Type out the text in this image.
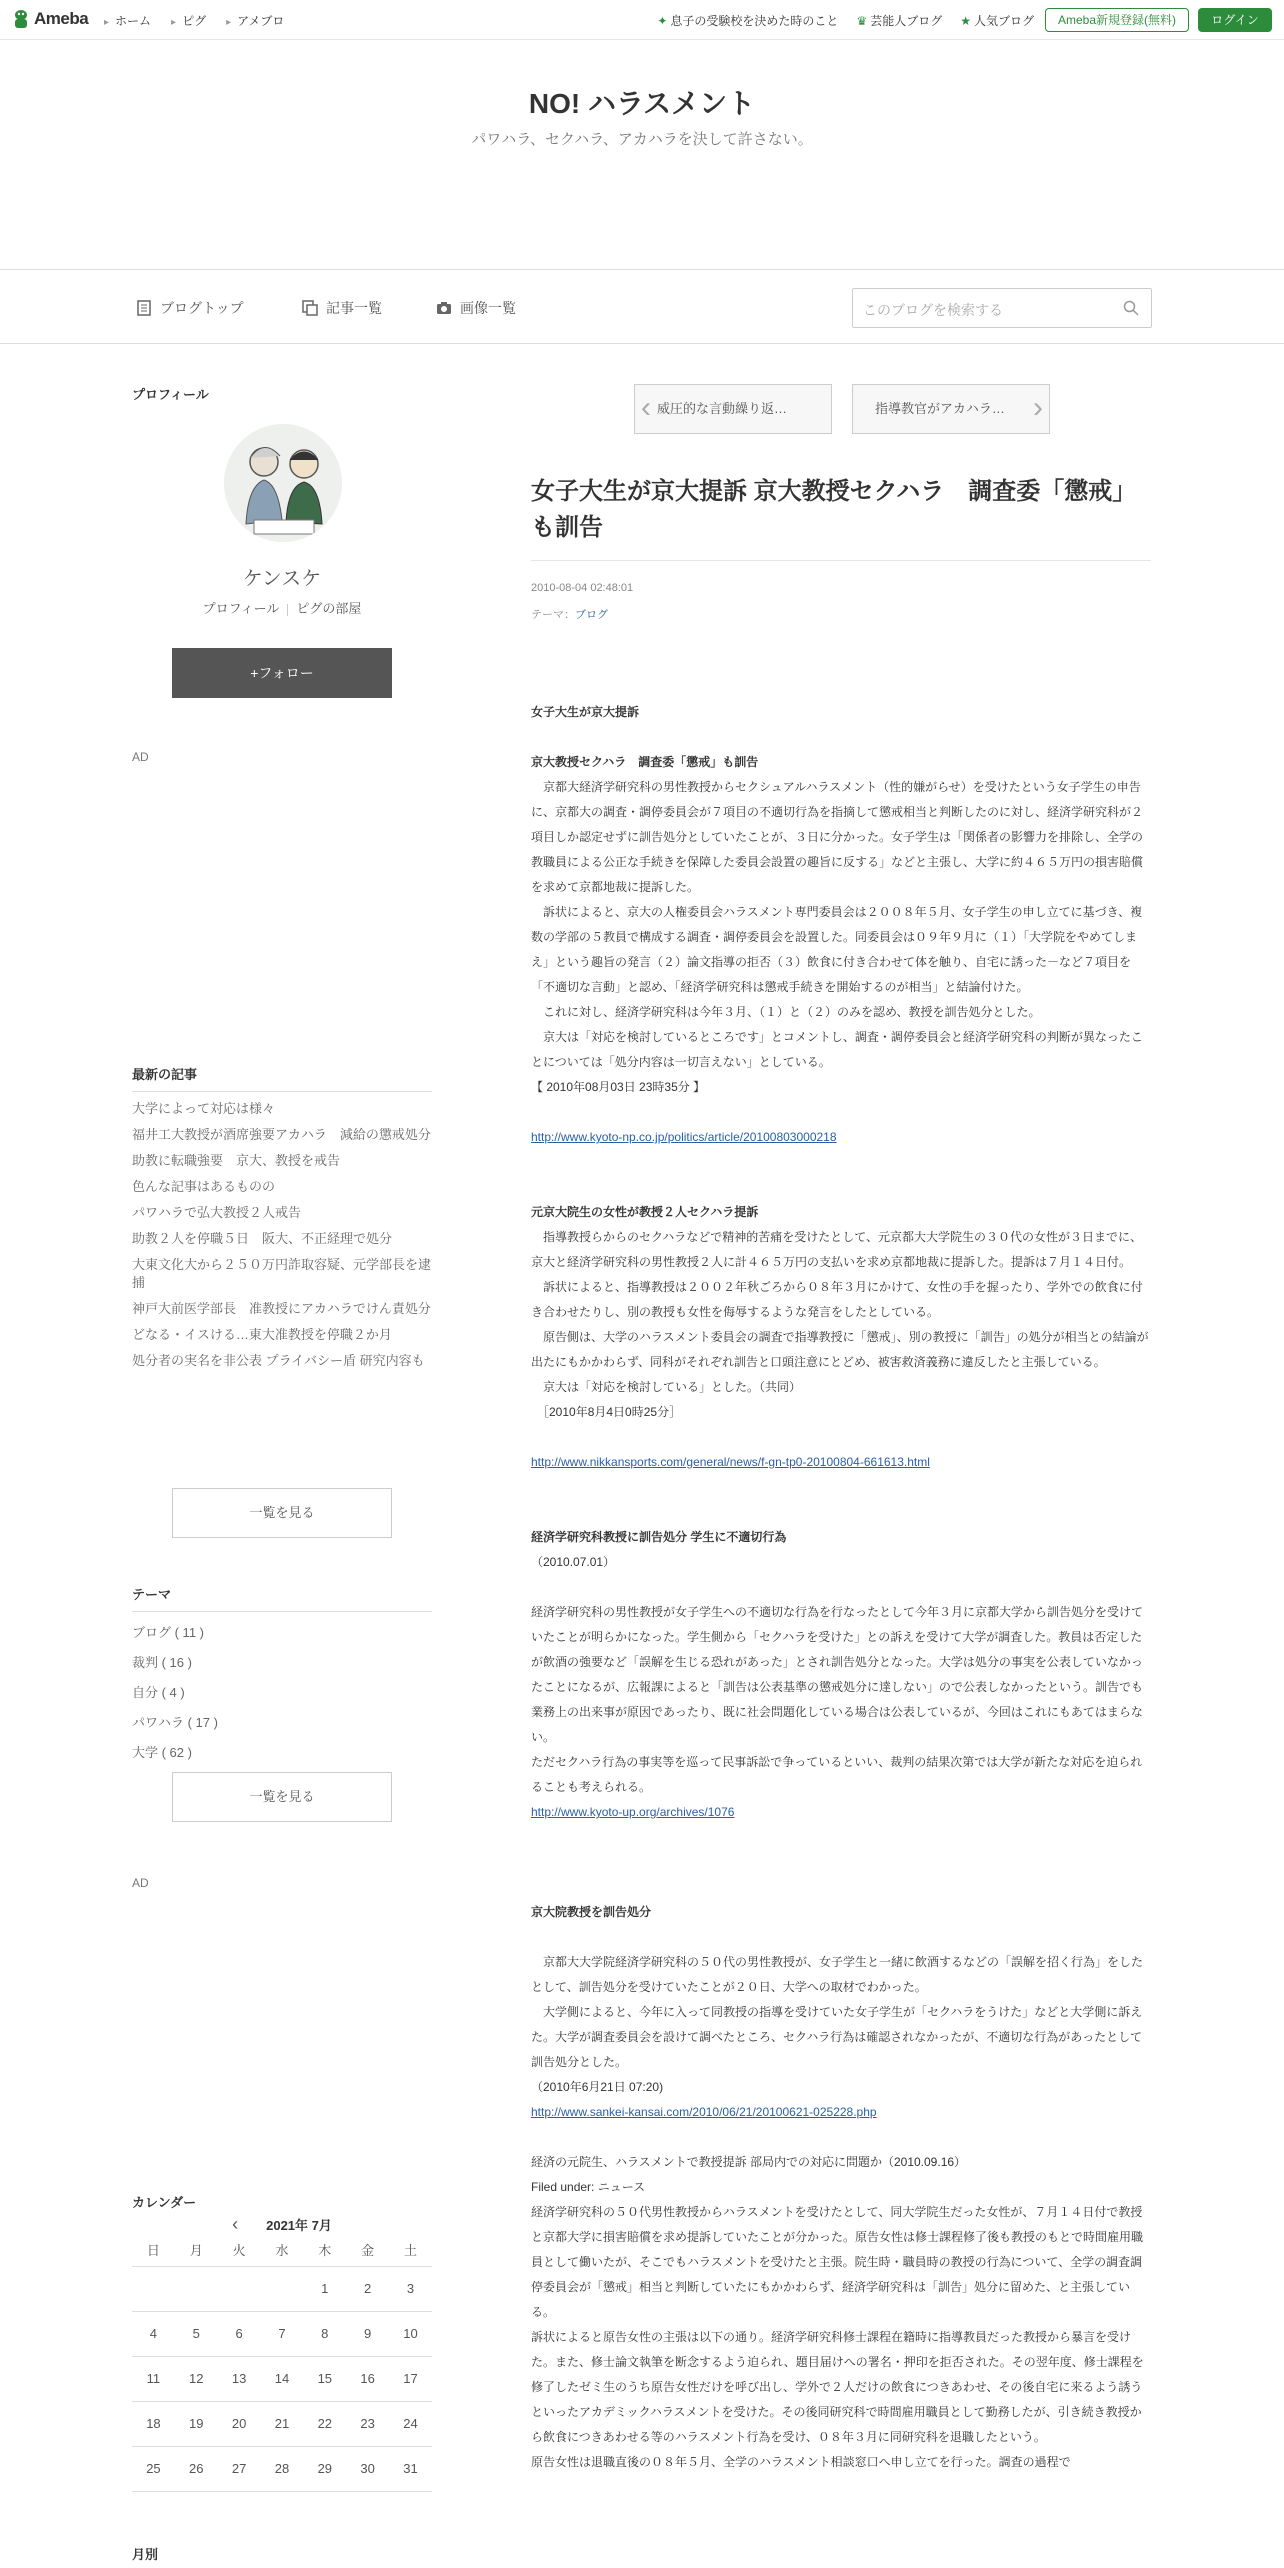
Ameba	▸ ホーム	▸ ピグ	▸ アメブロ	✦ 息子の受験校を決めた時のこと ♛ 芸能人ブログ ★ 人気ブログ	Ameba新規登録(無料)	ログイン
NO! ハラスメント
パワハラ、セクハラ、アカハラを決して許さない。
ブログトップ	記事一覧	画像一覧	このブログを検索する
プロフィール
ケンスケ
プロフィール ピグの部屋
+フォロー
AD
最新の記事
大学によって対応は様々
福井工大教授が酒席強要アカハラ　減給の懲戒処分
助教に転職強要　京大、教授を戒告
色んな記事はあるものの
パワハラで弘大教授２人戒告
助教２人を停職５日　阪大、不正経理で処分
大東文化大から２５０万円詐取容疑、元学部長を逮捕
神戸大前医学部長　准教授にアカハラでけん責処分
どなる・イスける…東大准教授を停職２か月
処分者の実名を非公表 プライバシー盾 研究内容も
一覧を見る
テーマ
ブログ ( 11 )
裁判 ( 16 )
自分 ( 4 )
パワハラ ( 17 )
大学 ( 62 )
一覧を見る
AD
カレンダー
‹ 2021年 7月
日	月	火	水	木	金	土
				1	2	3
4	5	6	7	8	9	10
11	12	13	14	15	16	17
18	19	20	21	22	23	24
25	26	27	28	29	30	31
月別
‹ 威圧的な言動繰り返…	指導教官がアカハラ… ›
女子大生が京大提訴 京大教授セクハラ　調査委「懲戒」も訓告
2010-08-04 02:48:01
テーマ：ブログ

女子大生が京大提訴

京大教授セクハラ　調査委「懲戒」も訓告

　京都大経済学研究科の男性教授からセクシュアルハラスメント（性的嫌がらせ）を受けたという女子学生の申告に、京都大の調査・調停委員会が７項目の不適切行為を指摘して懲戒相当と判断したのに対し、経済学研究科が２項目しか認定せずに訓告処分としていたことが、３日に分かった。女子学生は「関係者の影響力を排除し、全学の教職員による公正な手続きを保障した委員会設置の趣旨に反する」などと主張し、大学に約４６５万円の損害賠償を求めて京都地裁に提訴した。

　訴状によると、京大の人権委員会ハラスメント専門委員会は２００８年５月、女子学生の申し立てに基づき、複数の学部の５教員で構成する調査・調停委員会を設置した。同委員会は０９年９月に（１）「大学院をやめてしまえ」という趣旨の発言（２）論文指導の拒否（３）飲食に付き合わせて体を触り、自宅に誘った－など７項目を「不適切な言動」と認め、「経済学研究科は懲戒手続きを開始するのが相当」と結論付けた。

　これに対し、経済学研究科は今年３月、（１）と（２）のみを認め、教授を訓告処分とした。

　京大は「対応を検討しているところです」とコメントし、調査・調停委員会と経済学研究科の判断が異なったことについては「処分内容は一切言えない」としている。

【 2010年08月03日 23時35分 】

http://www.kyoto-np.co.jp/politics/article/20100803000218

元京大院生の女性が教授２人セクハラ提訴

　指導教授らからのセクハラなどで精神的苦痛を受けたとして、元京都大大学院生の３０代の女性が３日までに、京大と経済学研究科の男性教授２人に計４６５万円の支払いを求め京都地裁に提訴した。提訴は７月１４日付。

　訴状によると、指導教授は２００２年秋ごろから０８年３月にかけて、女性の手を握ったり、学外での飲食に付き合わせたりし、別の教授も女性を侮辱するような発言をしたとしている。

　原告側は、大学のハラスメント委員会の調査で指導教授に「懲戒」、別の教授に「訓告」の処分が相当との結論が出たにもかかわらず、同科がそれぞれ訓告と口頭注意にとどめ、被害救済義務に違反したと主張している。

　京大は「対応を検討している」とした。（共同）

　［2010年8月4日0時25分］

http://www.nikkansports.com/general/news/f-gn-tp0-20100804-661613.html

経済学研究科教授に訓告処分 学生に不適切行為

（2010.07.01）

経済学研究科の男性教授が女子学生への不適切な行為を行なったとして今年３月に京都大学から訓告処分を受けていたことが明らかになった。学生側から「セクハラを受けた」との訴えを受けて大学が調査した。教員は否定したが飲酒の強要など「誤解を生じる恐れがあった」とされ訓告処分となった。大学は処分の事実を公表していなかったことになるが、広報課によると「訓告は公表基準の懲戒処分に達しない」ので公表しなかったという。訓告でも業務上の出来事が原因であったり、既に社会問題化している場合は公表しているが、今回はこれにもあてはまらない。

ただセクハラ行為の事実等を巡って民事訴訟で争っているといい、裁判の結果次第では大学が新たな対応を迫られることも考えられる。

http://www.kyoto-up.org/archives/1076

京大院教授を訓告処分

　京都大大学院経済学研究科の５０代の男性教授が、女子学生と一緒に飲酒するなどの「誤解を招く行為」をしたとして、訓告処分を受けていたことが２０日、大学への取材でわかった。

　大学側によると、今年に入って同教授の指導を受けていた女子学生が「セクハラをうけた」などと大学側に訴えた。大学が調査委員会を設けて調べたところ、セクハラ行為は確認されなかったが、不適切な行為があったとして訓告処分とした。

（2010年6月21日 07:20)

http://www.sankei-kansai.com/2010/06/21/20100621-025228.php

経済の元院生、ハラスメントで教授提訴 部局内での対応に問題か（2010.09.16）

Filed under: ニュース

経済学研究科の５０代男性教授からハラスメントを受けたとして、同大学院生だった女性が、７月１４日付で教授と京都大学に損害賠償を求め提訴していたことが分かった。原告女性は修士課程修了後も教授のもとで時間雇用職員として働いたが、そこでもハラスメントを受けたと主張。院生時・職員時の教授の行為について、全学の調査調停委員会が「懲戒」相当と判断していたにもかかわらず、経済学研究科は「訓告」処分に留めた、と主張している。

訴状によると原告女性の主張は以下の通り。経済学研究科修士課程在籍時に指導教員だった教授から暴言を受けた。また、修士論文執筆を断念するよう迫られ、題目届けへの署名・押印を拒否された。その翌年度、修士課程を修了したゼミ生のうち原告女性だけを呼び出し、学外で２人だけの飲食につきあわせ、その後自宅に来るよう誘うといったアカデミックハラスメントを受けた。その後同研究科で時間雇用職員として勤務したが、引き続き教授から飲食につきあわせる等のハラスメント行為を受け、０８年３月に同研究科を退職したという。

原告女性は退職直後の０８年５月、全学のハラスメント相談窓口へ申し立てを行った。調査の過程で
